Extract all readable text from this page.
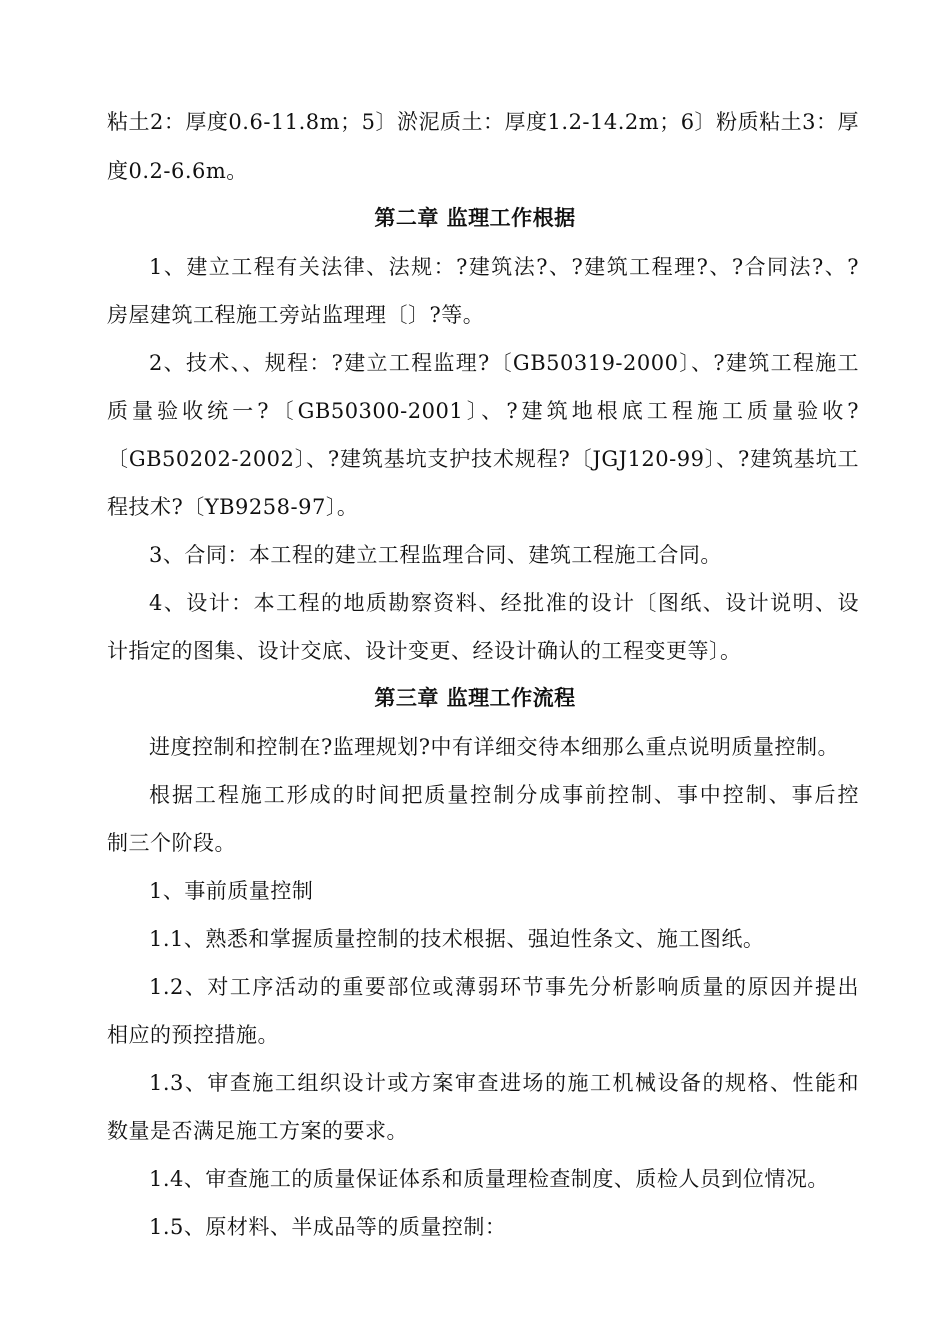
粘土2：厚度0.6-11.8m；5〕淤泥质土：厚度1.2-14.2m；6〕粉质粘土3：厚
度0.2-6.6m。
第二章 监理工作根据
1、建立工程有关法律、法规：?建筑法?、?建筑工程理?、?合同法?、?
房屋建筑工程施工旁站监理理〔〕?等。
2、技术、、规程：?建立工程监理?〔GB50319-2000〕、?建筑工程施工
质量验收统一?〔GB50300-2001〕、?建筑地根底工程施工质量验收?
〔GB50202-2002〕、?建筑基坑支护技术规程?〔JGJ120-99〕、?建筑基坑工
程技术?〔YB9258-97〕。
3、合同：本工程的建立工程监理合同、建筑工程施工合同。
4、设计：本工程的地质勘察资料、经批准的设计〔图纸、设计说明、设
计指定的图集、设计交底、设计变更、经设计确认的工程变更等〕。
第三章 监理工作流程
进度控制和控制在?监理规划?中有详细交待本细那么重点说明质量控制。
根据工程施工形成的时间把质量控制分成事前控制、事中控制、事后控
制三个阶段。
1、事前质量控制
1.1、熟悉和掌握质量控制的技术根据、强迫性条文、施工图纸。
1.2、对工序活动的重要部位或薄弱环节事先分析影响质量的原因并提出
相应的预控措施。
1.3、审查施工组织设计或方案审查进场的施工机械设备的规格、性能和
数量是否满足施工方案的要求。
1.4、审查施工的质量保证体系和质量理检查制度、质检人员到位情况。
1.5、原材料、半成品等的质量控制：
